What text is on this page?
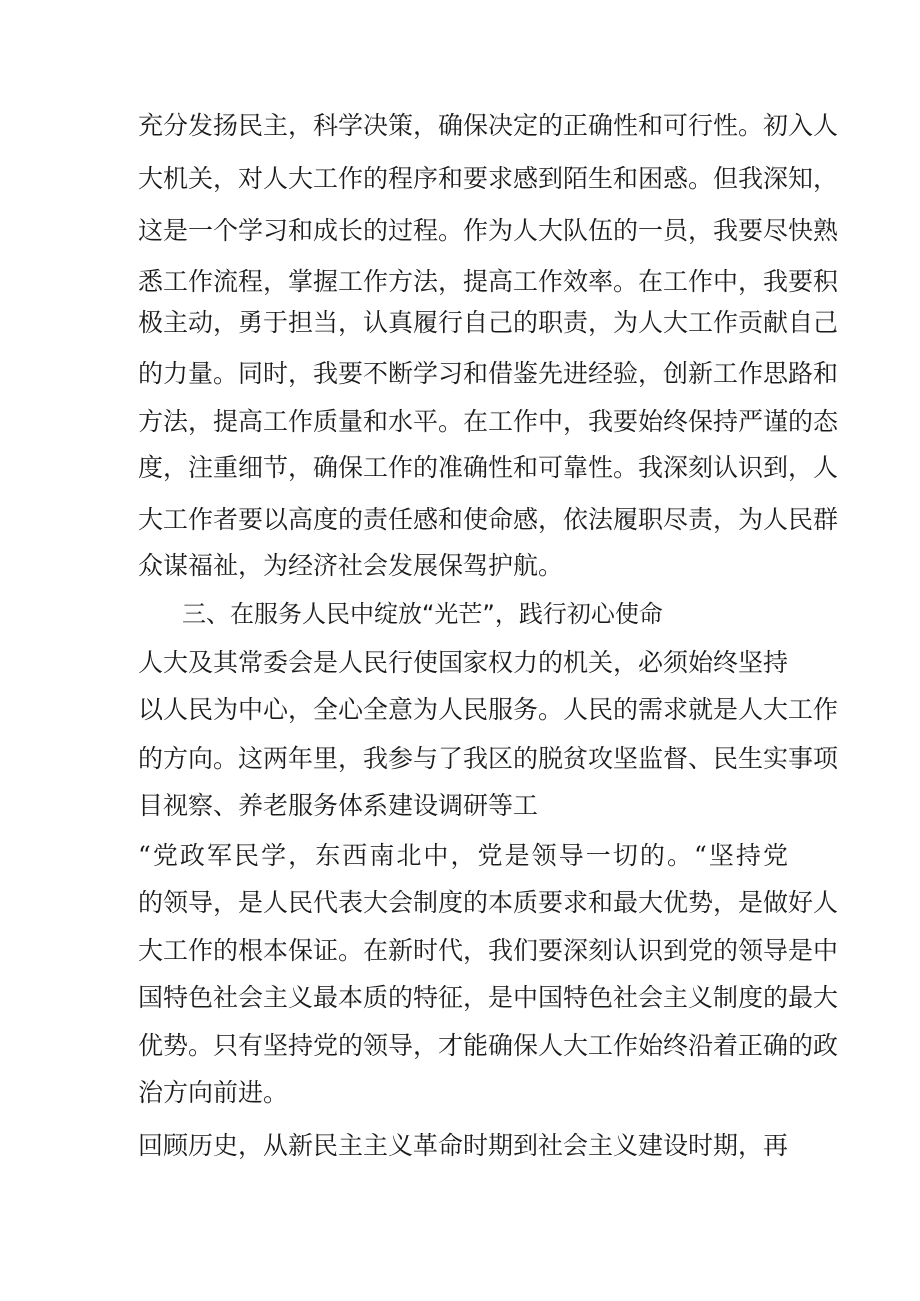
充分发扬民主，科学决策，确保决定的正确性和可行性。初入人
大机关，对人大工作的程序和要求感到陌生和困惑。但我深知，
这是一个学习和成长的过程。作为人大队伍的一员，我要尽快熟
悉工作流程，掌握工作方法，提高工作效率。在工作中，我要积
极主动，勇于担当，认真履行自己的职责，为人大工作贡献自己
的力量。同时，我要不断学习和借鉴先进经验，创新工作思路和
方法，提高工作质量和水平。在工作中，我要始终保持严谨的态
度，注重细节，确保工作的准确性和可靠性。我深刻认识到，人
大工作者要以高度的责任感和使命感，依法履职尽责，为人民群
众谋福祉，为经济社会发展保驾护航。
三、在服务人民中绽放“光芒”，践行初心使命
人大及其常委会是人民行使国家权力的机关，必须始终坚持
以人民为中心，全心全意为人民服务。人民的需求就是人大工作
的方向。这两年里，我参与了我区的脱贫攻坚监督、民生实事项
目视察、养老服务体系建设调研等工
“党政军民学，东西南北中，党是领导一切的。“坚持党
的领导，是人民代表大会制度的本质要求和最大优势，是做好人
大工作的根本保证。在新时代，我们要深刻认识到党的领导是中
国特色社会主义最本质的特征，是中国特色社会主义制度的最大
优势。只有坚持党的领导，才能确保人大工作始终沿着正确的政
治方向前进。
回顾历史，从新民主主义革命时期到社会主义建设时期，再
